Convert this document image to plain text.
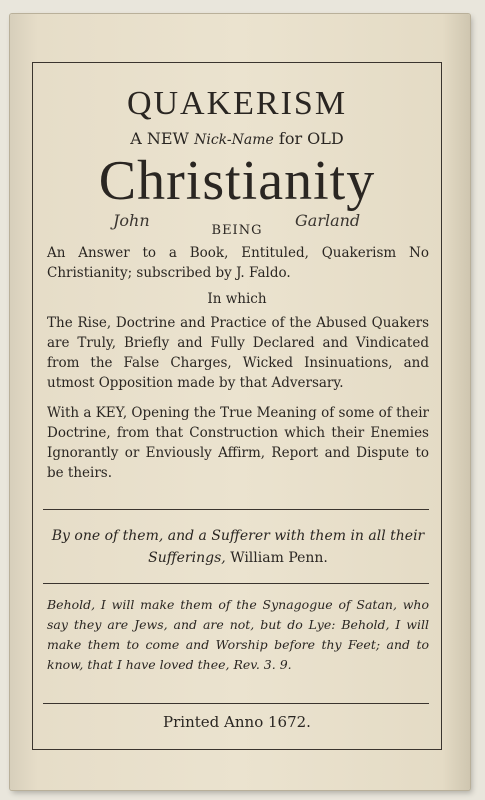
QUAKERISM
A NEW Nick-Name for OLD
Christianity
John
BEING
Garland
An Answer to a Book, Entituled, Quakerism No Christianity; subscribed by J. Faldo.
In which
The Rise, Doctrine and Practice of the Abused Quakers are Truly, Briefly and Fully Declared and Vindicated from the False Charges, Wicked Insinuations, and utmost Opposition made by that Adversary.
With a KEY, Opening the True Meaning of some of their Doctrine, from that Construction which their Enemies Ignorantly or Enviously Affirm, Report and Dispute to be theirs.
By one of them, and a Sufferer with them in all their
Sufferings, William Penn.
Behold, I will make them of the Synagogue of Satan, who say they are Jews, and are not, but do Lye: Behold, I will make them to come and Worship before thy Feet; and to know, that I have loved thee, Rev. 3. 9.
Printed Anno 1672.
